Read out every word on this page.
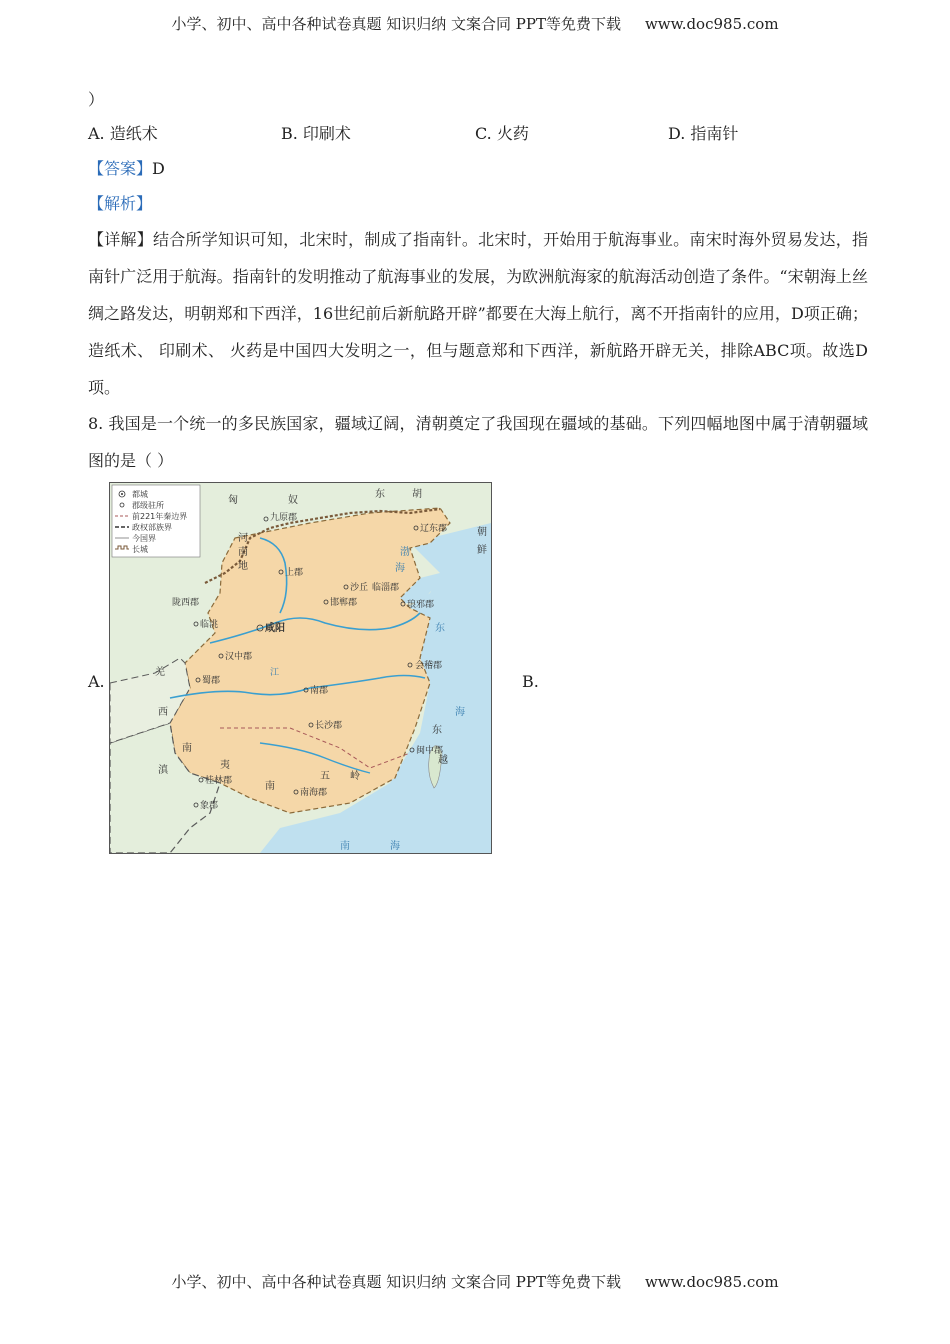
小学、初中、高中各种试卷真题 知识归纳 文案合同 PPT等免费下载 www.doc985.com
）
A. 造纸术	B. 印刷术	C. 火药	D. 指南针
【答案】D
【解析】
【详解】结合所学知识可知，北宋时，制成了指南针。北宋时，开始用于航海事业。南宋时海外贸易发达，指南针广泛用于航海。指南针的发明推动了航海事业的发展，为欧洲航海家的航海活动创造了条件。“宋朝海上丝绸之路发达，明朝郑和下西洋，16世纪前后新航路开辟”都要在大海上航行，离不开指南针的应用，D项正确；造纸术、 印刷术、 火药是中国四大发明之一，但与题意郑和下西洋，新航路开辟无关，排除ABC项。故选D项。
8. 我国是一个统一的多民族国家，疆域辽阔，清朝奠定了我国现在疆域的基础。下列四幅地图中属于清朝疆域图的是（ ）
A.	B.
都城
郡级驻所
前221年秦边界
政权部族界
今国界
长城
匈	奴
东	胡
朝
鲜
九原郡
辽东郡
河
南
地
上郡
渤
海
沙丘 临淄郡
邯郸郡	琅邪郡
陇西郡
临洮	咸阳
汉中郡
东
会稽郡
羌
蜀郡
南郡
江
海
西
南
长沙郡	东
闽中郡
滇	夷	越
桂林郡	五 岭
南
南海郡
象郡
南	海
小学、初中、高中各种试卷真题 知识归纳 文案合同 PPT等免费下载 www.doc985.com
